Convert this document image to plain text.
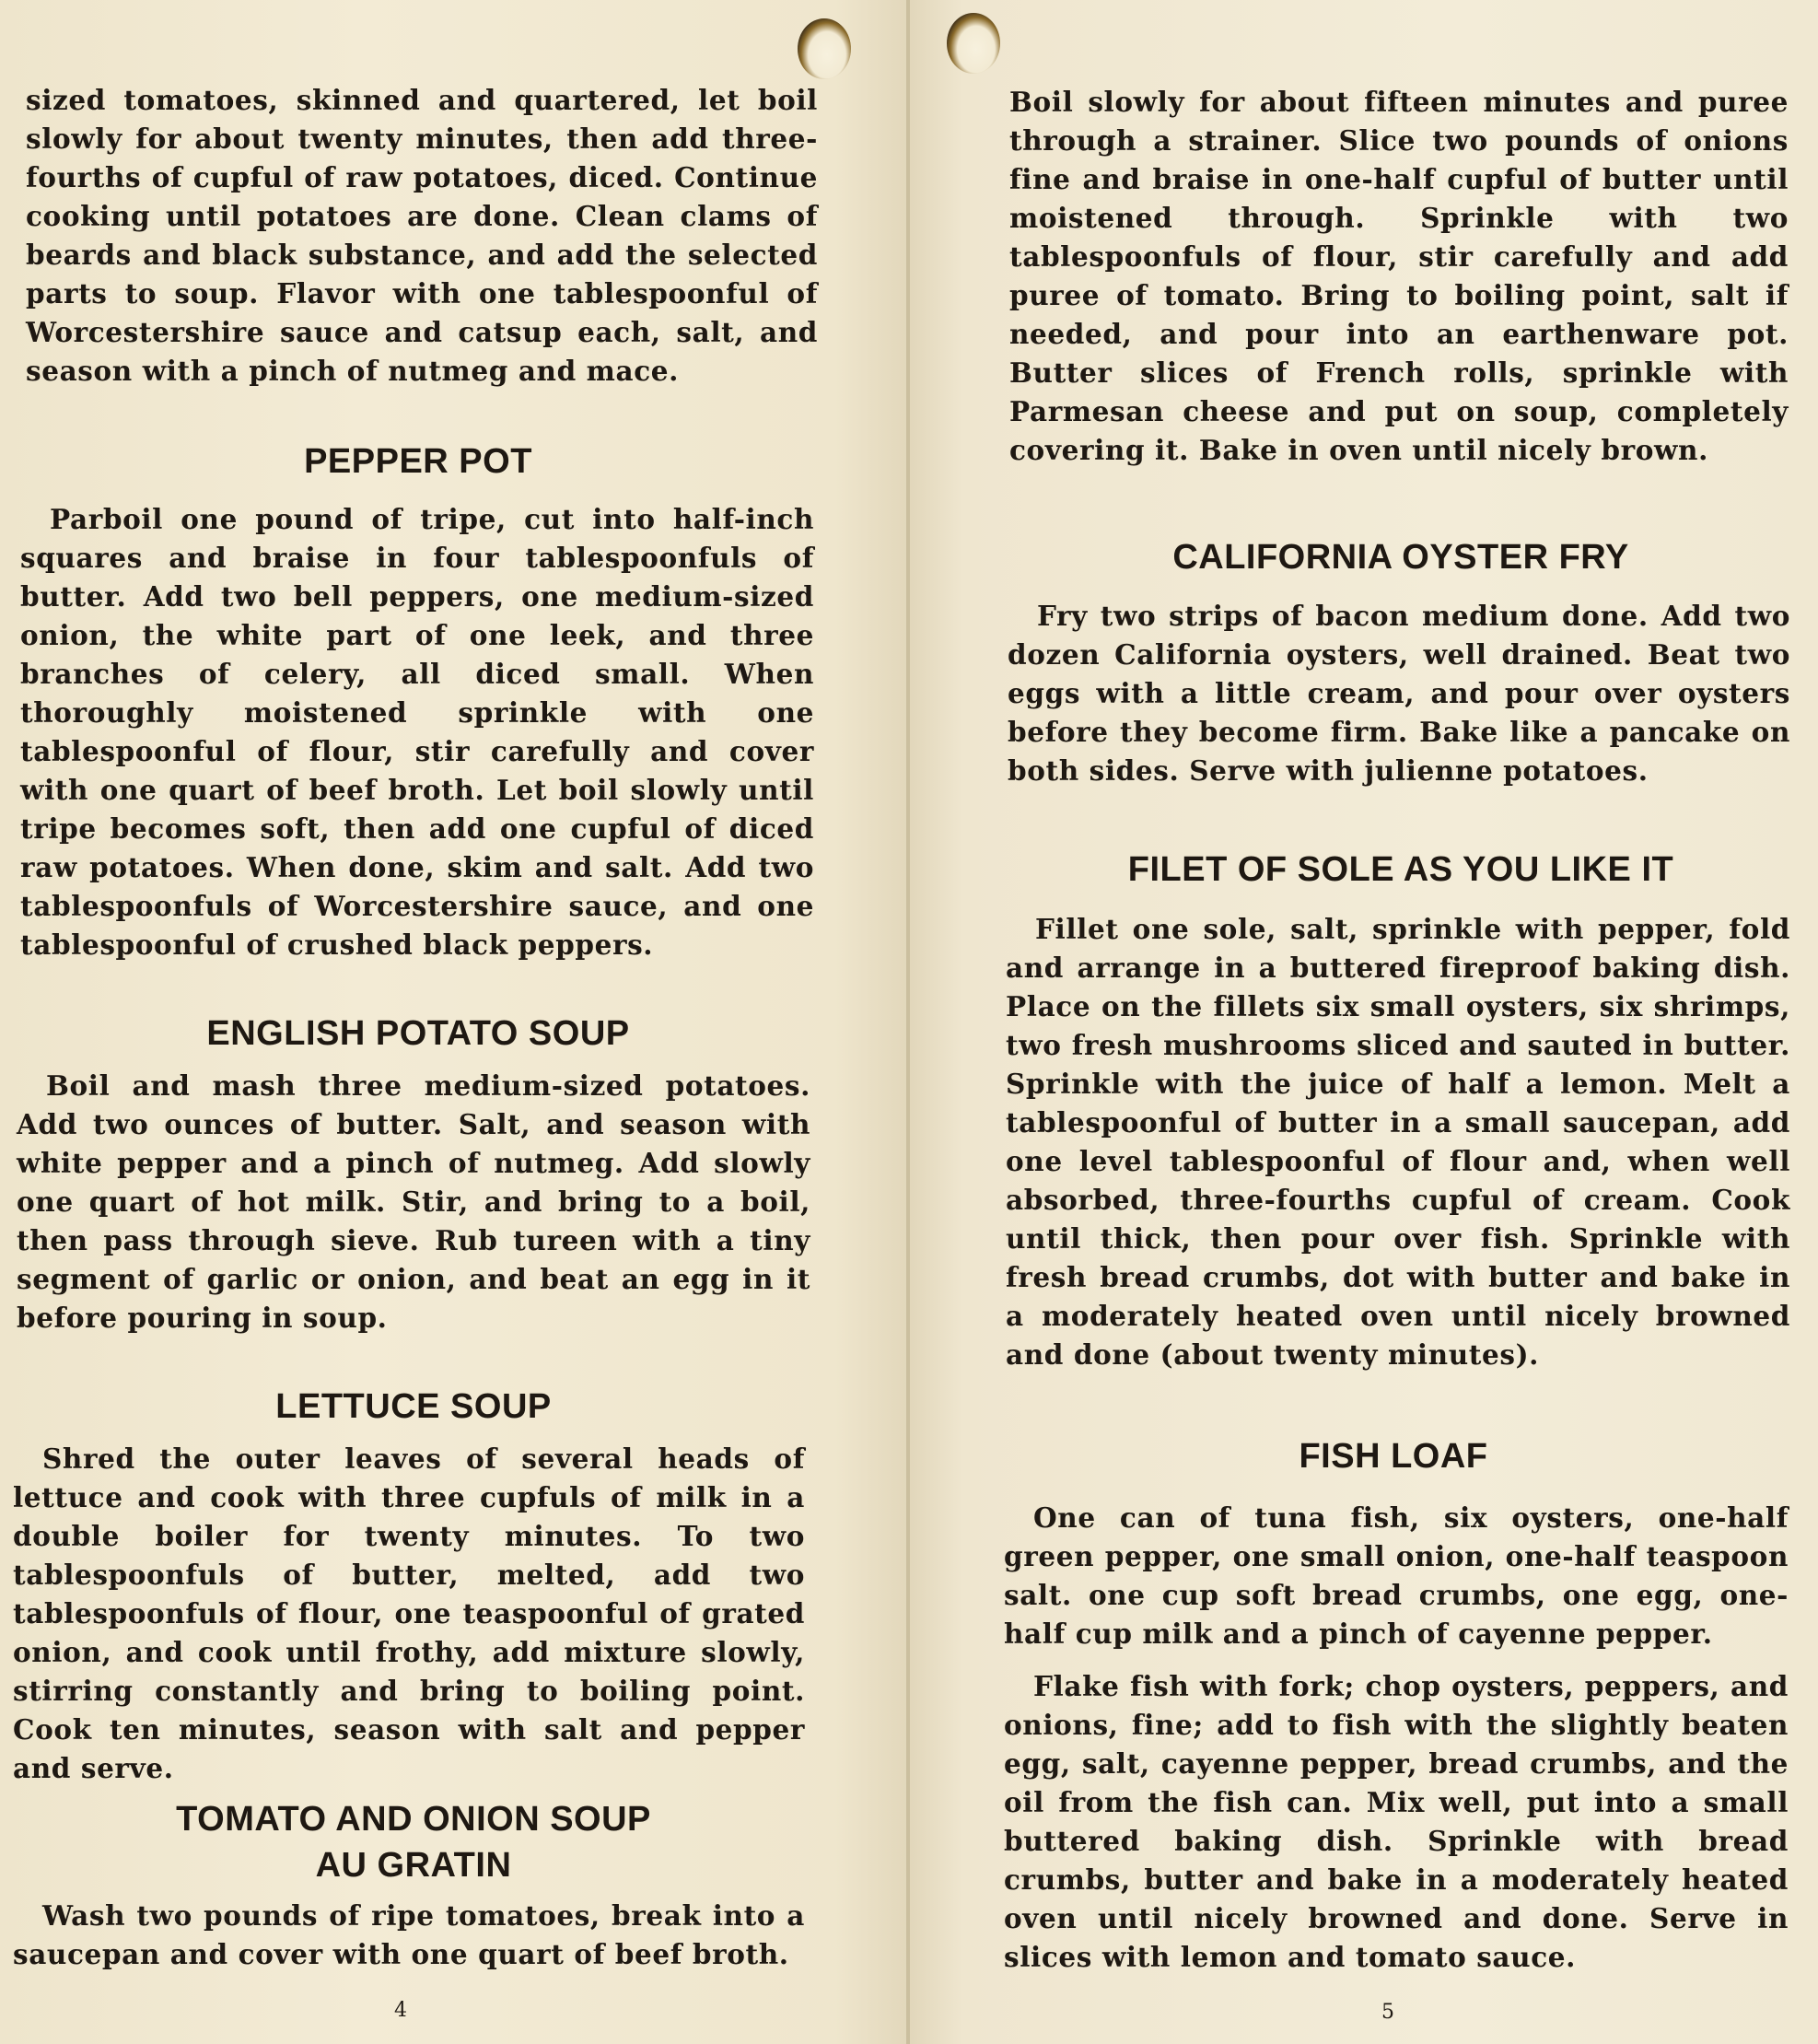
sized tomatoes, skinned and quartered, let boil slowly for about twenty minutes, then add three-fourths of cupful of raw potatoes, diced. Continue cooking until potatoes are done. Clean clams of beards and black substance, and add the selected parts to soup. Flavor with one tablespoonful of Worcestershire sauce and catsup each, salt, and season with a pinch of nutmeg and mace.

PEPPER POT

Parboil one pound of tripe, cut into half-inch squares and braise in four tablespoonfuls of butter. Add two bell peppers, one medium-sized onion, the white part of one leek, and three branches of celery, all diced small. When thoroughly moistened sprinkle with one tablespoonful of flour, stir carefully and cover with one quart of beef broth. Let boil slowly until tripe becomes soft, then add one cupful of diced raw potatoes. When done, skim and salt. Add two tablespoonfuls of Worcestershire sauce, and one tablespoonful of crushed black peppers.

ENGLISH POTATO SOUP

Boil and mash three medium-sized potatoes. Add two ounces of butter. Salt, and season with white pepper and a pinch of nutmeg. Add slowly one quart of hot milk. Stir, and bring to a boil, then pass through sieve. Rub tureen with a tiny segment of garlic or onion, and beat an egg in it before pouring in soup.

LETTUCE SOUP

Shred the outer leaves of several heads of lettuce and cook with three cupfuls of milk in a double boiler for twenty minutes. To two tablespoonfuls of butter, melted, add two tablespoonfuls of flour, one teaspoonful of grated onion, and cook until frothy, add mixture slowly, stirring constantly and bring to boiling point. Cook ten minutes, season with salt and pepper and serve.

TOMATO AND ONION SOUP
AU GRATIN

Wash two pounds of ripe tomatoes, break into a saucepan and cover with one quart of beef broth.

4

Boil slowly for about fifteen minutes and puree through a strainer. Slice two pounds of onions fine and braise in one-half cupful of butter until moistened through. Sprinkle with two tablespoonfuls of flour, stir carefully and add puree of tomato. Bring to boiling point, salt if needed, and pour into an earthenware pot. Butter slices of French rolls, sprinkle with Parmesan cheese and put on soup, completely covering it. Bake in oven until nicely brown.

CALIFORNIA OYSTER FRY

Fry two strips of bacon medium done. Add two dozen California oysters, well drained. Beat two eggs with a little cream, and pour over oysters before they become firm. Bake like a pancake on both sides. Serve with julienne potatoes.

FILET OF SOLE AS YOU LIKE IT

Fillet one sole, salt, sprinkle with pepper, fold and arrange in a buttered fireproof baking dish. Place on the fillets six small oysters, six shrimps, two fresh mushrooms sliced and sauted in butter. Sprinkle with the juice of half a lemon. Melt a tablespoonful of butter in a small saucepan, add one level tablespoonful of flour and, when well absorbed, three-fourths cupful of cream. Cook until thick, then pour over fish. Sprinkle with fresh bread crumbs, dot with butter and bake in a moderately heated oven until nicely browned and done (about twenty minutes).

FISH LOAF

One can of tuna fish, six oysters, one-half green pepper, one small onion, one-half teaspoon salt. one cup soft bread crumbs, one egg, one-half cup milk and a pinch of cayenne pepper.

Flake fish with fork; chop oysters, peppers, and onions, fine; add to fish with the slightly beaten egg, salt, cayenne pepper, bread crumbs, and the oil from the fish can. Mix well, put into a small buttered baking dish. Sprinkle with bread crumbs, butter and bake in a moderately heated oven until nicely browned and done. Serve in slices with lemon and tomato sauce.

5
